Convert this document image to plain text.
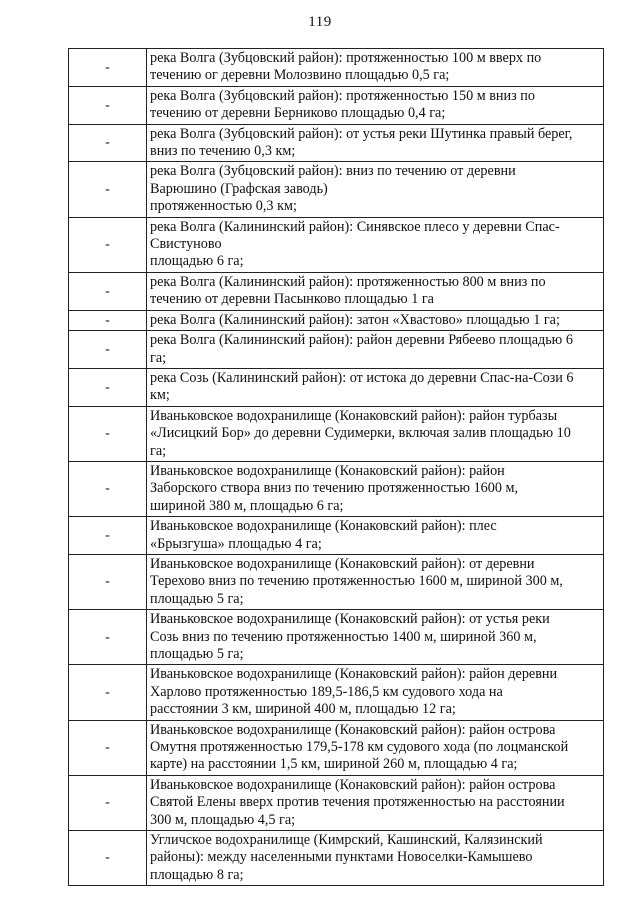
119
-	река Волга (Зубцовский район): протяженностью 100 м вверх по
течению ог деревни Молозвино площадью 0,5 га;

-	река Волга (Зубцовский район): протяженностью 150 м вниз по
течению от деревни Берниково площадью 0,4 га;

-	река Волга (Зубцовский район): от устья реки Шутинка правый берег,
вниз по течению 0,3 км;

-	река Волга (Зубцовский район): вниз по течению от деревни
Варюшино (Графская заводь)
протяженностью 0,3 км;

-	река Волга (Калининский район): Синявское плесо у деревни Спас-
Свистуново
площадью 6 га;

-	река Волга (Калининский район): протяженностью 800 м вниз по
течению от деревни Пасынково площадью 1 га

-	река Волга (Калининский район): затон «Хвастово» площадью 1 га;

-	река Волга (Калининский район): район деревни Рябеево площадью 6
га;

-	река Созь (Калининский район): от истока до деревни Спас-на-Сози 6
км;

-	Иваньковское водохранилище (Конаковский район): район турбазы
«Лисицкий Бор» до деревни Судимерки, включая залив площадью 10
га;

-	Иваньковское водохранилище (Конаковский район): район
Заборского створа вниз по течению протяженностью 1600 м,
шириной 380 м, площадью 6 га;

-	Иваньковское водохранилище (Конаковский район): плес
«Брызгуша» площадью 4 га;

-	Иваньковское водохранилище (Конаковский район): от деревни
Терехово вниз по течению протяженностью 1600 м, шириной 300 м,
площадью 5 га;

-	Иваньковское водохранилище (Конаковский район): от устья реки
Созь вниз по течению протяженностью 1400 м, шириной 360 м,
площадью 5 га;

-	Иваньковское водохранилище (Конаковский район): район деревни
Харлово протяженностью 189,5-186,5 км судового хода на
расстоянии 3 км, шириной 400 м, площадью 12 га;

-	Иваньковское водохранилище (Конаковский район): район острова
Омутня протяженностью 179,5-178 км судового хода (по лоцманской
карте) на расстоянии 1,5 км, шириной 260 м, площадью 4 га;

-	Иваньковское водохранилище (Конаковский район): район острова
Святой Елены вверх против течения протяженностью на расстоянии
300 м, площадью 4,5 га;

-	Угличское водохранилище (Кимрский, Кашинский, Калязинский
районы): между населенными пунктами Новоселки-Камышево
площадью 8 га;
